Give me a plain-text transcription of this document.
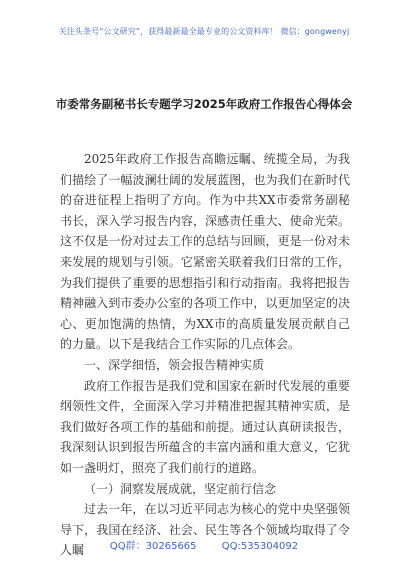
关注头条号“公文研究”，获得最新最全最专业的公文资料库！ 微信：gongwenyj
市委常务副秘书长专题学习2025年政府工作报告心得体会

2025年政府工作报告高瞻远瞩、统揽全局，为我们描绘了一幅波澜壮阔的发展蓝图，也为我们在新时代的奋进征程上指明了方向。作为中共XX市委常务副秘书长，深入学习报告内容，深感责任重大、使命光荣。这不仅是一份对过去工作的总结与回顾，更是一份对未来发展的规划与引领。它紧密关联着我们日常的工作，为我们提供了重要的思想指引和行动指南。我将把报告精神融入到市委办公室的各项工作中，以更加坚定的决心、更加饱满的热情，为XX市的高质量发展贡献自己的力量。以下是我结合工作实际的几点体会。

一、深学细悟，领会报告精神实质

政府工作报告是我们党和国家在新时代发展的重要纲领性文件，全面深入学习并精准把握其精神实质，是我们做好各项工作的基础和前提。通过认真研读报告，我深刻认识到报告所蕴含的丰富内涵和重大意义，它犹如一盏明灯，照亮了我们前行的道路。

（一）洞察发展成就，坚定前行信念

过去一年，在以习近平同志为核心的党中央坚强领导下，我国在经济、社会、民生等各个领域均取得了令人瞩	QQ群：30265665	QQ:535304092
